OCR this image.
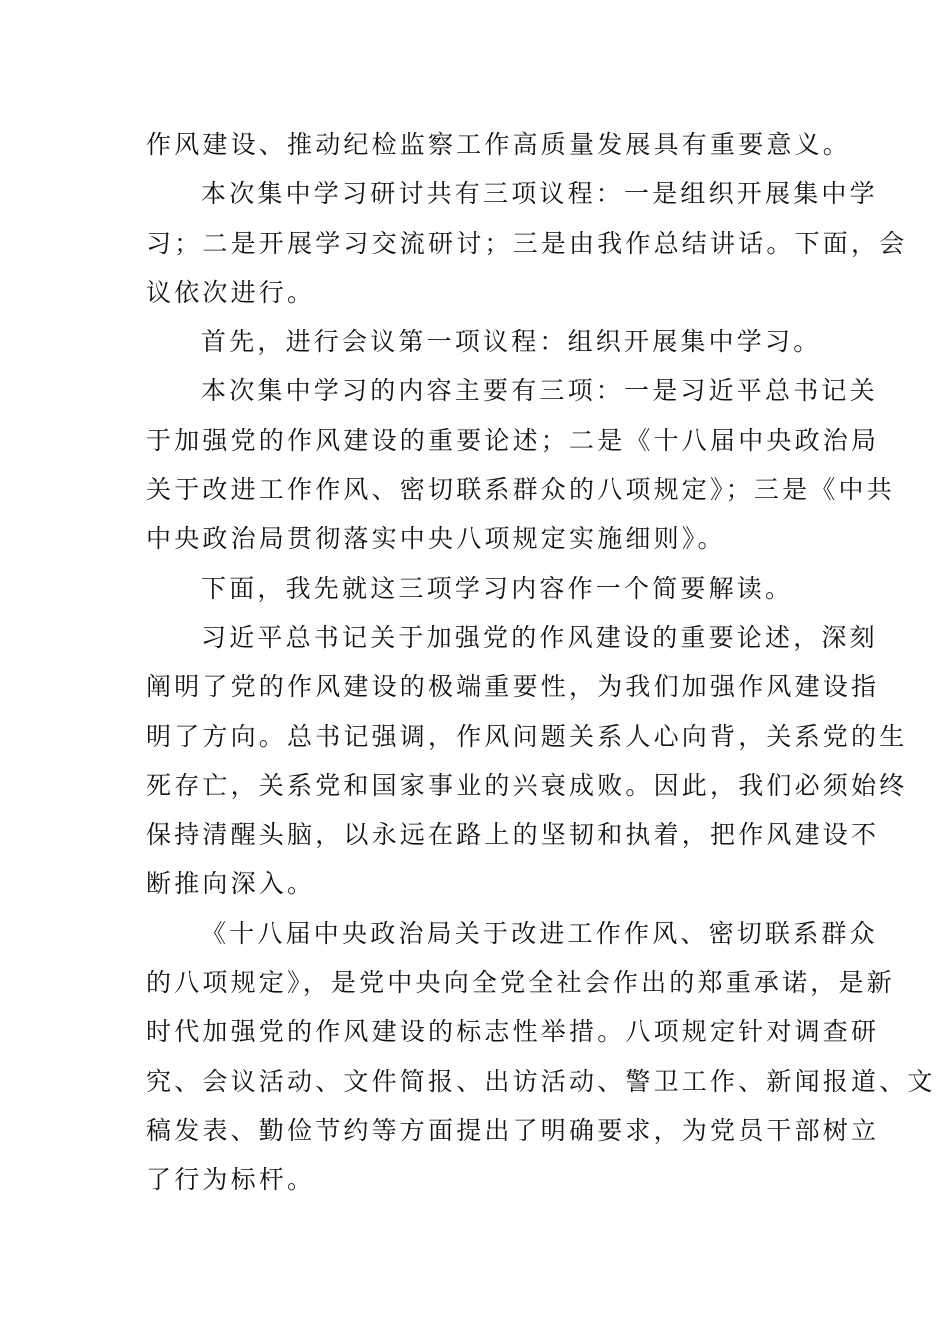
作风建设、推动纪检监察工作高质量发展具有重要意义。
本次集中学习研讨共有三项议程：一是组织开展集中学
习；二是开展学习交流研讨；三是由我作总结讲话。下面，会
议依次进行。
首先，进行会议第一项议程：组织开展集中学习。
本次集中学习的内容主要有三项：一是习近平总书记关
于加强党的作风建设的重要论述；二是《十八届中央政治局
关于改进工作作风、密切联系群众的八项规定》；三是《中共
中央政治局贯彻落实中央八项规定实施细则》。
下面，我先就这三项学习内容作一个简要解读。
习近平总书记关于加强党的作风建设的重要论述，深刻
阐明了党的作风建设的极端重要性，为我们加强作风建设指
明了方向。总书记强调，作风问题关系人心向背，关系党的生
死存亡，关系党和国家事业的兴衰成败。因此，我们必须始终
保持清醒头脑，以永远在路上的坚韧和执着，把作风建设不
断推向深入。
《十八届中央政治局关于改进工作作风、密切联系群众
的八项规定》，是党中央向全党全社会作出的郑重承诺，是新
时代加强党的作风建设的标志性举措。八项规定针对调查研
究、会议活动、文件简报、出访活动、警卫工作、新闻报道、文
稿发表、勤俭节约等方面提出了明确要求，为党员干部树立
了行为标杆。
